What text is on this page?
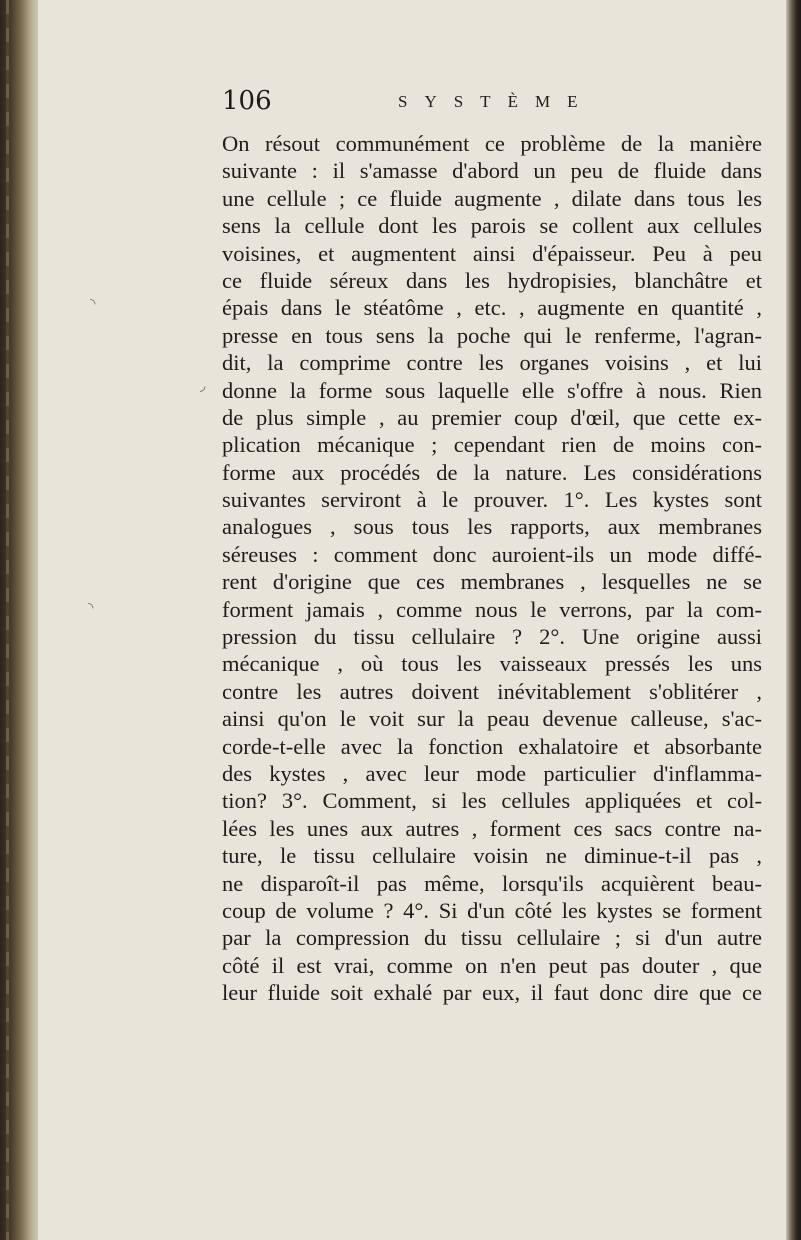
106	SYSTÈME
On résout communément ce problème de la manière
suivante : il s'amasse d'abord un peu de fluide dans
une cellule ; ce fluide augmente , dilate dans tous les
sens la cellule dont les parois se collent aux cellules
voisines, et augmentent ainsi d'épaisseur. Peu à peu
ce fluide séreux dans les hydropisies, blanchâtre et
épais dans le stéatôme , etc. , augmente en quantité ,
presse en tous sens la poche qui le renferme, l'agran-
dit, la comprime contre les organes voisins , et lui
donne la forme sous laquelle elle s'offre à nous. Rien
de plus simple , au premier coup d'œil, que cette ex-
plication mécanique ; cependant rien de moins con-
forme aux procédés de la nature. Les considérations
suivantes serviront à le prouver. 1°. Les kystes sont
analogues , sous tous les rapports, aux membranes
séreuses : comment donc auroient-ils un mode diffé-
rent d'origine que ces membranes , lesquelles ne se
forment jamais , comme nous le verrons, par la com-
pression du tissu cellulaire ? 2°. Une origine aussi
mécanique , où tous les vaisseaux pressés les uns
contre les autres doivent inévitablement s'oblitérer ,
ainsi qu'on le voit sur la peau devenue calleuse, s'ac-
corde-t-elle avec la fonction exhalatoire et absorbante
des kystes , avec leur mode particulier d'inflamma-
tion? 3°. Comment, si les cellules appliquées et col-
lées les unes aux autres , forment ces sacs contre na-
ture, le tissu cellulaire voisin ne diminue-t-il pas ,
ne disparoît-il pas même, lorsqu'ils acquièrent beau-
coup de volume ? 4°. Si d'un côté les kystes se forment
par la compression du tissu cellulaire ; si d'un autre
côté il est vrai, comme on n'en peut pas douter , que
leur fluide soit exhalé par eux, il faut donc dire que ce
◝
◞
◝
